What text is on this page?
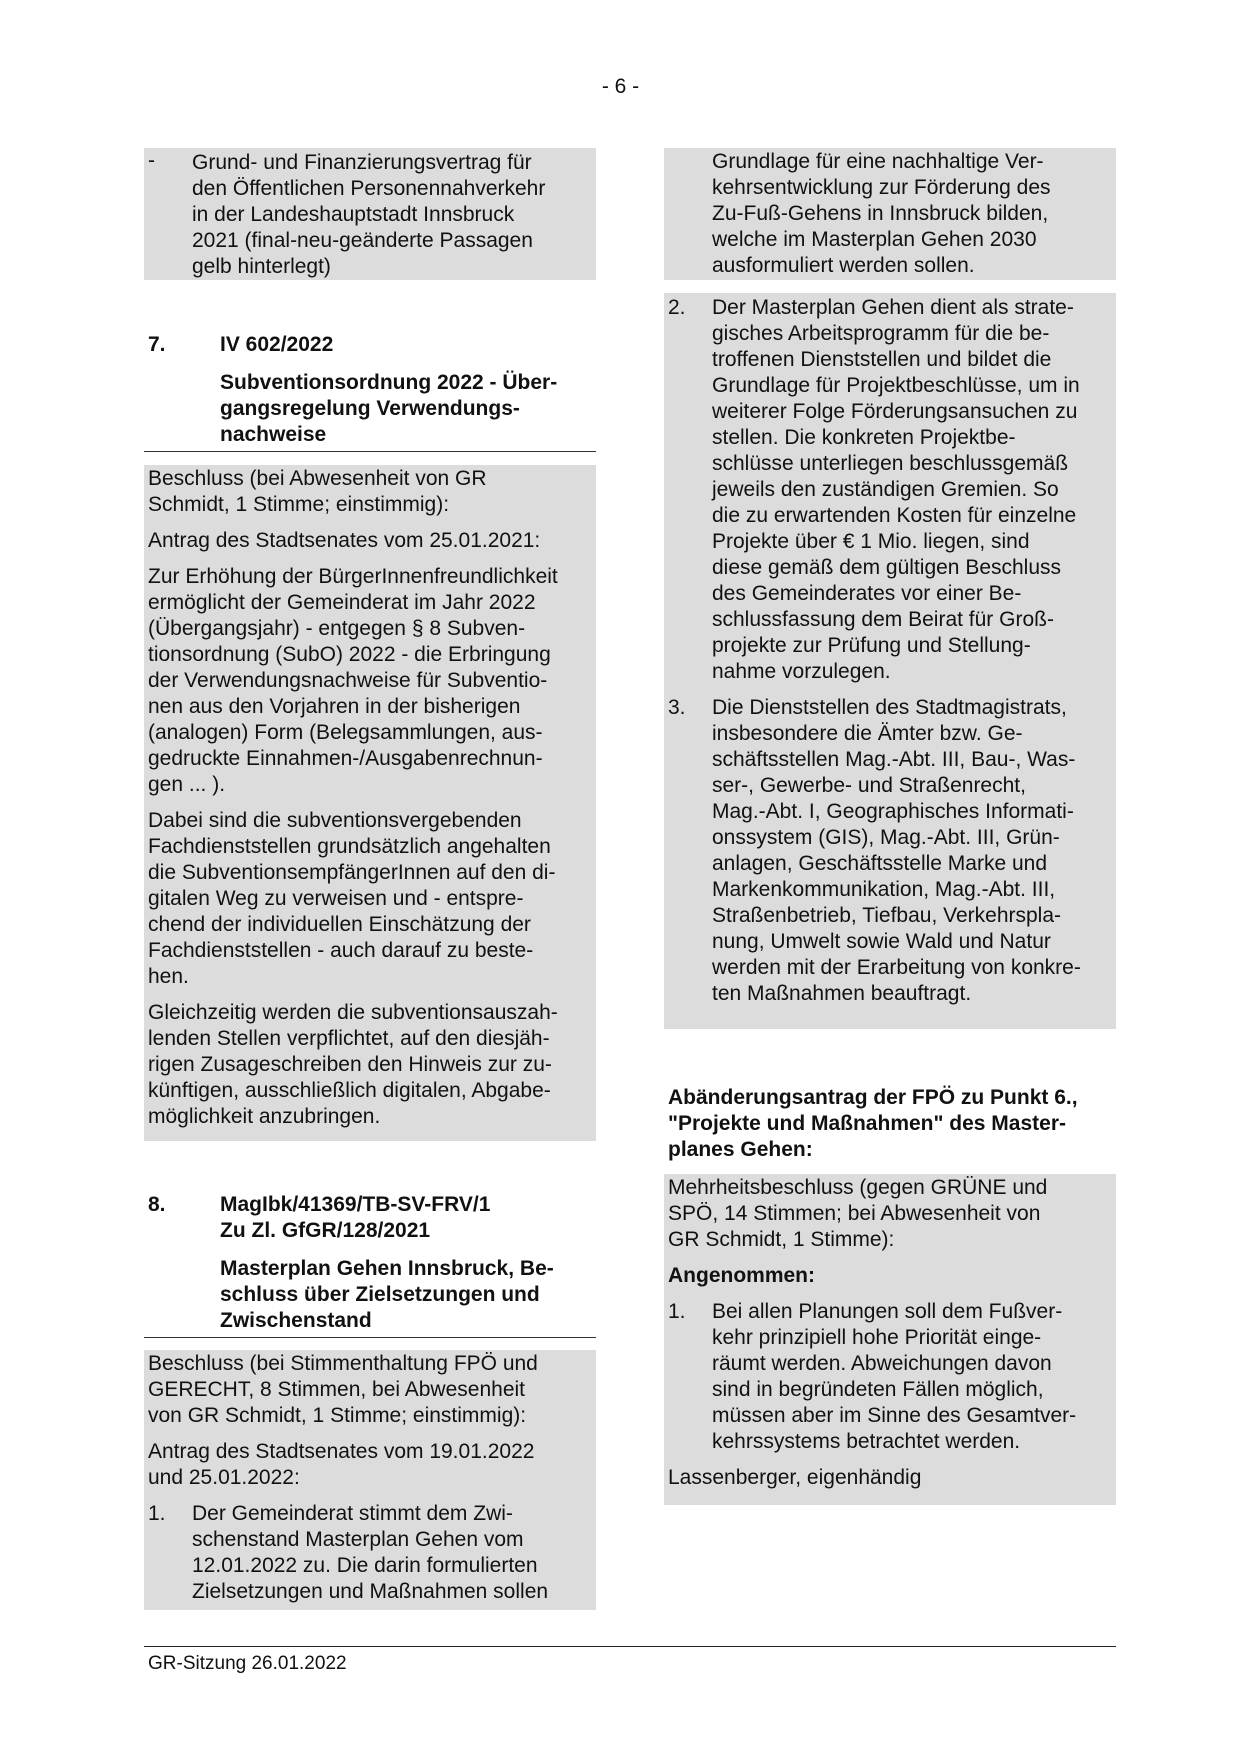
- 6 -
- Grund- und Finanzierungsvertrag für
den Öffentlichen Personennahverkehr
in der Landeshauptstadt Innsbruck
2021 (final-neu-geänderte Passagen
gelb hinterlegt)
7.	IV 602/2022
Subventionsordnung 2022 - Über-
gangsregelung Verwendungs-
nachweise
Beschluss (bei Abwesenheit von GR
Schmidt, 1 Stimme; einstimmig):
Antrag des Stadtsenates vom 25.01.2021:
Zur Erhöhung der BürgerInnenfreundlichkeit
ermöglicht der Gemeinderat im Jahr 2022
(Übergangsjahr) - entgegen § 8 Subven-
tionsordnung (SubO) 2022 - die Erbringung
der Verwendungsnachweise für Subventio-
nen aus den Vorjahren in der bisherigen
(analogen) Form (Belegsammlungen, aus-
gedruckte Einnahmen-/Ausgabenrechnun-
gen ... ).
Dabei sind die subventionsvergebenden
Fachdienststellen grundsätzlich angehalten
die SubventionsempfängerInnen auf den di-
gitalen Weg zu verweisen und - entspre-
chend der individuellen Einschätzung der
Fachdienststellen - auch darauf zu beste-
hen.
Gleichzeitig werden die subventionsauszah-
lenden Stellen verpflichtet, auf den diesjäh-
rigen Zusageschreiben den Hinweis zur zu-
künftigen, ausschließlich digitalen, Abgabe-
möglichkeit anzubringen.
8.	MagIbk/41369/TB-SV-FRV/1
Zu Zl. GfGR/128/2021
Masterplan Gehen Innsbruck, Be-
schluss über Zielsetzungen und
Zwischenstand
Beschluss (bei Stimmenthaltung FPÖ und
GERECHT, 8 Stimmen, bei Abwesenheit
von GR Schmidt, 1 Stimme; einstimmig):
Antrag des Stadtsenates vom 19.01.2022
und 25.01.2022:
1. Der Gemeinderat stimmt dem Zwi-
schenstand Masterplan Gehen vom
12.01.2022 zu. Die darin formulierten
Zielsetzungen und Maßnahmen sollen
Grundlage für eine nachhaltige Ver-
kehrsentwicklung zur Förderung des
Zu-Fuß-Gehens in Innsbruck bilden,
welche im Masterplan Gehen 2030
ausformuliert werden sollen.
2. Der Masterplan Gehen dient als strate-
gisches Arbeitsprogramm für die be-
troffenen Dienststellen und bildet die
Grundlage für Projektbeschlüsse, um in
weiterer Folge Förderungsansuchen zu
stellen. Die konkreten Projektbe-
schlüsse unterliegen beschlussgemäß
jeweils den zuständigen Gremien. So
die zu erwartenden Kosten für einzelne
Projekte über € 1 Mio. liegen, sind
diese gemäß dem gültigen Beschluss
des Gemeinderates vor einer Be-
schlussfassung dem Beirat für Groß-
projekte zur Prüfung und Stellung-
nahme vorzulegen.
3. Die Dienststellen des Stadtmagistrats,
insbesondere die Ämter bzw. Ge-
schäftsstellen Mag.-Abt. III, Bau-, Was-
ser-, Gewerbe- und Straßenrecht,
Mag.-Abt. I, Geographisches Informati-
onssystem (GIS), Mag.-Abt. III, Grün-
anlagen, Geschäftsstelle Marke und
Markenkommunikation, Mag.-Abt. III,
Straßenbetrieb, Tiefbau, Verkehrspla-
nung, Umwelt sowie Wald und Natur
werden mit der Erarbeitung von konkre-
ten Maßnahmen beauftragt.
Abänderungsantrag der FPÖ zu Punkt 6.,
"Projekte und Maßnahmen" des Master-
planes Gehen:
Mehrheitsbeschluss (gegen GRÜNE und
SPÖ, 14 Stimmen; bei Abwesenheit von
GR Schmidt, 1 Stimme):
Angenommen:
1. Bei allen Planungen soll dem Fußver-
kehr prinzipiell hohe Priorität einge-
räumt werden. Abweichungen davon
sind in begründeten Fällen möglich,
müssen aber im Sinne des Gesamtver-
kehrssystems betrachtet werden.
Lassenberger, eigenhändig
GR-Sitzung 26.01.2022
